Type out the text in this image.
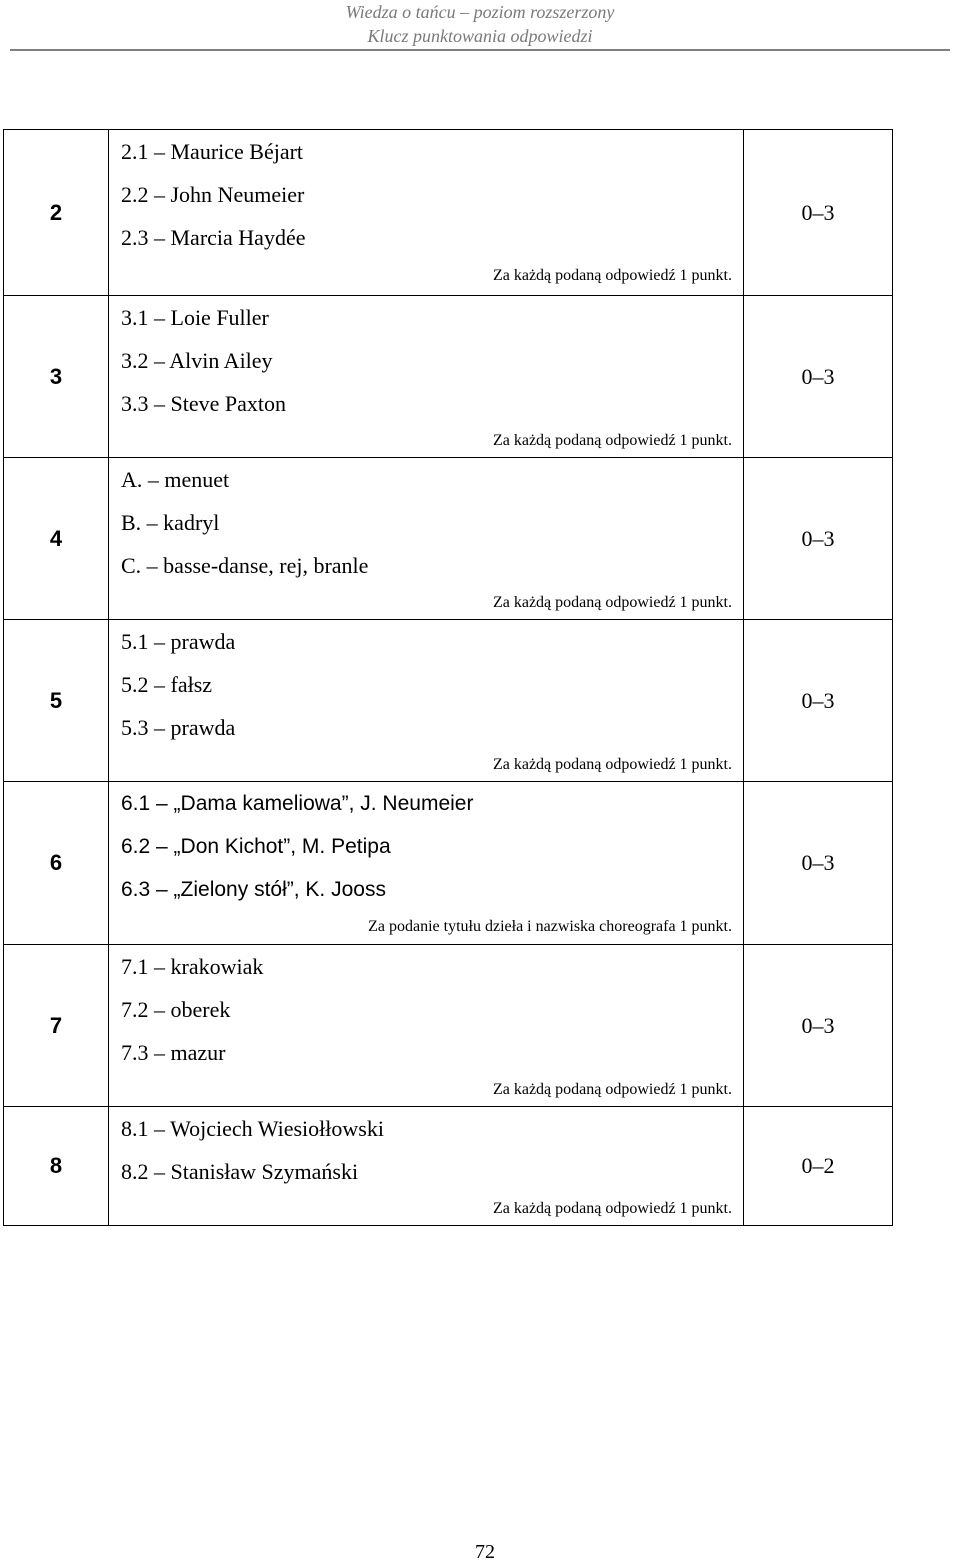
Wiedza o tańcu – poziom rozszerzony
Klucz punktowania odpowiedzi
2	2.1 – Maurice Béjart
2.2 – John Neumeier
2.3 – Marcia Haydée
Za każdą podaną odpowiedź 1 punkt.	0–3
3	3.1 – Loie Fuller
3.2 – Alvin Ailey
3.3 – Steve Paxton
Za każdą podaną odpowiedź 1 punkt.	0–3
4	A. – menuet
B. – kadryl
C. – basse-danse, rej, branle
Za każdą podaną odpowiedź 1 punkt.	0–3
5	5.1 – prawda
5.2 – fałsz
5.3 – prawda
Za każdą podaną odpowiedź 1 punkt.	0–3
6	6.1 – „Dama kameliowa”, J. Neumeier
6.2 – „Don Kichot”, M. Petipa
6.3 – „Zielony stół”, K. Jooss
Za podanie tytułu dzieła i nazwiska choreografa 1 punkt.	0–3
7	7.1 – krakowiak
7.2 – oberek
7.3 – mazur
Za każdą podaną odpowiedź 1 punkt.	0–3
8	8.1 – Wojciech Wiesiołłowski
8.2 – Stanisław Szymański
Za każdą podaną odpowiedź 1 punkt.	0–2
72
